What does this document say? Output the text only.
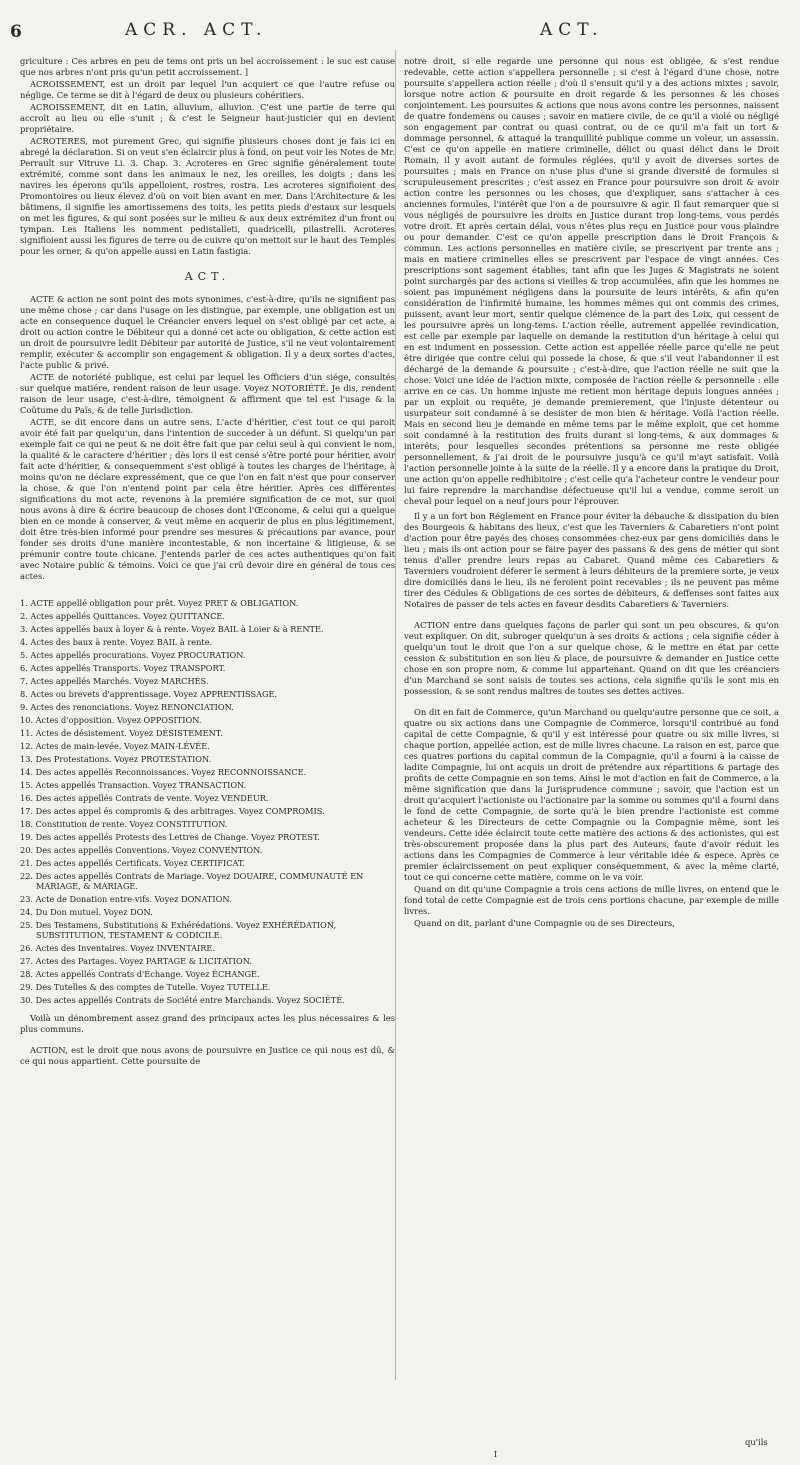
6	ACR. ACT.	ACT.

griculture : Ces arbres en peu de tems ont pris un bel accroissement : le suc est cause que nos arbres n'ont pris qu'un petit accroissement. ]

ACROISSEMENT, est un droit par lequel l'un acquiert ce que l'autre refuse ou néglige. Ce terme se dit à l'égard de deux ou plusieurs cohéritiers.

ACROISSEMENT, dit en Latin, alluvium, alluvion. C'est une partie de terre qui accroît au lieu ou elle s'unit ; & c'est le Seigneur haut-justicier qui en devient propriétaire.

ACROTERES, mot purement Grec, qui signifie plusieurs choses dont je fais ici en abregé la déclaration. Si on veut s'en éclaircir plus à fond, on peut voir les Notes de Mr. Perrault sur Vitruve Li. 3. Chap. 3. Acroteres en Grec signifie généralement toute extrémité, comme sont dans les animaux le nez, les oreilles, les doigts ; dans les navires les éperons qu'ils appelloient, rostres, rostra. Les acroteres signifioient des Promontoires ou lieux élevez d'où on voit bien avant en mer. Dans l'Architecture & les bâtimens, il signifie les amortissemens des toits, les petits pieds d'estaux sur lesquels on met les figures, & qui sont posées sur le milieu & aux deux extrémitez d'un front ou tympan. Les Italiens les nomment pedistalleti, quadricelli, pilastrelli. Acroteres signifioient aussi les figures de terre ou de cuivre qu'on mettoit sur le haut des Temples pour les orner, & qu'on appelle aussi en Latin fastigia.

ACT.

ACTE & action ne sont point des mots synonimes, c'est-à-dire, qu'ils ne signifient pas une même chose ; car dans l'usage on les distingue, par exemple, une obligation est un acte en consequence duquel le Créancier envers lequel on s'est obligé par cet acte, a droit ou action contre le Débiteur qui a donné cet acte ou obligation, & cette action est un droit de poursuivre ledit Débiteur par autorité de Justice, s'il ne veut volontairement remplir, exécuter & accomplir son engagement & obligation. Il y a deux sortes d'actes, l'acte public & privé.

ACTE de notoriété publique, est celui par lequel les Officiers d'un siége, consultés sur quelque matiére, rendent raison de leur usage. Voyez NOTORIÉTÉ. Je dis, rendent raison de leur usage, c'est-à-dire, témoignent & affirment que tel est l'usage & la Coûtume du Païs, & de telle Jurisdiction.

ACTE, se dit encore dans un autre sens. L'acte d'héritier, c'est tout ce qui paroit avoir été fait par quelqu'un, dans l'intention de succeder à un défunt. Si quelqu'un par exemple fait ce qui ne peut & ne doit être fait que par celui seul à qui convient le nom, la qualité & le caractere d'héritier ; dès lors il est censé s'être porté pour héritier, avoir fait acte d'héritier, & consequemment s'est obligé à toutes les charges de l'héritage, à moins qu'on ne déclare expressément, que ce que l'on en fait n'est que pour conserver la chose, & que l'on n'entend point par cela être héritier. Après ces différentes significations du mot acte, revenons à la premiére signification de ce mot, sur quoi nous avons à dire & écrire beaucoup de choses dont l'Œconome, & celui qui a quelque bien en ce monde à conserver, & veut même en acquerir de plus en plus légitimement, doit être très-bien informé pour prendre ses mesures & précautions par avance, pour fonder ses droits d'une manière incontestable, & non incertaine & litigieuse, & se prémunir contre toute chicane. J'entends parler de ces actes authentiques qu'on fait avec Notaire public & témoins. Voici ce que j'ai crû devoir dire en général de tous ces actes.

1. ACTE appellé obligation pour prêt. Voyez PRET & OBLIGATION.
2. Actes appellés Quittances. Voyez QUITTANCE.
3. Actes appellés baux à loyer & à rente. Voyez BAIL à Loier & à RENTE.
4. Actes des baux à rente. Voyez BAIL à rente.
5. Actes appellés procurations. Voyez PROCURATION.
6. Actes appellés Transports. Voyez TRANSPORT.
7. Actes appellés Marchés. Voyez MARCHÉS.
8. Actes ou brevets d'apprentissage. Voyez APPRENTISSAGE.
9. Actes des renonciations. Voyez RENONCIATION.
10. Actes d'opposition. Voyez OPPOSITION.
11. Actes de désistement. Voyez DÉSISTEMENT.
12. Actes de main-levée. Voyez MAIN-LÉVÉE.
13. Des Protestations. Voyez PROTESTATION.
14. Des actes appellés Reconnoissances. Voyez RECONNOISSANCE.
15. Actes appellés Transaction. Voyez TRANSACTION.
16. Des actes appellés Contrats de vente. Voyez VENDEUR.
17. Des actes appel és compromis & des arbitrages. Voyez COMPROMIS.
18. Constitution de rente. Voyez CONSTITUTION.
19. Des actes appellés Protests des Lettres de Change. Voyez PROTEST.
20. Des actes appellés Conventions. Voyez CONVENTION.
21. Des actes appellés Certificats. Voyez CERTIFICAT.
22. Des actes appellés Contrats de Mariage. Voyez DOUAIRE, COMMUNAUTÉ EN MARIAGE, & MARIAGE.
23. Acte de Donation entre-vifs. Voyez DONATION.
24. Du Don mutuel. Voyez DON.
25. Des Testamens, Substitutions & Exhérédations. Voyez EXHÉRÉDATION, SUBSTITUTION, TESTAMENT & CODICILE.
26. Actes des Inventaires. Voyez INVENTAIRE.
27. Actes des Partages. Voyez PARTAGE & LICITATION.
28. Actes appellés Contrats d'Échange. Voyez ÉCHANGE.
29. Des Tutelles & des comptes de Tutelle. Voyez TUTELLE.
30. Des actes appellés Contrats de Société entre Marchands. Voyez SOCIÉTÉ.

Voilà un dénombrement assez grand des principaux actes les plus nécessaires & les plus communs.

ACTION, est le droit que nous avons de poursuivre en Justice ce qui nous est dû, & ce qui nous appartient. Cette poursuite de

notre droit, si elle regarde une personne qui nous est obligée, & s'est rendue redevable, cette action s'appellera personnelle ; si c'est à l'égard d'une chose, notre poursuite s'appellera action réelle ; d'où il s'ensuit qu'il y a des actions mixtes ; savoir, lorsque notre action & poursuite en droit regarde & les personnes & les choses conjointement. Les poursuites & actions que nous avons contre les personnes, naissent de quatre fondemens ou causes ; savoir en matiere civile, de ce qu'il a violé ou négligé son engagement par contrat ou quasi contrat, ou de ce qu'il m'a fait un tort & dommage personnel, & attaqué la tranquillité publique comme un voleur, un assassin. C'est ce qu'on appelle en matiere criminelle, délict ou quasi délict dans le Droit Romain, il y avoit autant de formules réglées, qu'il y avoit de diverses sortes de poursuites ; mais en France on n'use plus d'une si grande diversité de formules si scrupuleusement prescrites ; c'est assez en France pour poursuivre son droit & avoir action contre les personnes ou les choses, que d'expliquer, sans s'attacher à ces anciennes formules, l'intérêt que l'on a de poursuivre & agir. Il faut remarquer que si vous négligés de poursuivre les droits en Justice durant trop long-tems, vous perdés votre droit. Et après certain délai, vous n'êtes plus reçu en Justice pour vous plaindre ou pour demander. C'est ce qu'on appelle prescription dans le Droit François & commun. Les actions personnelles en matière civile, se prescrivent par trente ans ; mais en matiere criminelles elles se prescrivent par l'espace de vingt années. Ces prescriptions sont sagement établies, tant afin que les Juges & Magistrats ne soient point surchargés par des actions si vieilles & trop accumulées, afin que les hommes ne soient pas impunément négligens dans la poursuite de leurs intérêts, & afin qu'en considération de l'infirmité humaine, les hommes mêmes qui ont commis des crimes, puissent, avant leur mort, sentir quelque clémence de la part des Loix, qui cessent de les poursuivre après un long-tems. L'action réelle, autrement appellée revindication, est celle par exemple par laquelle on demande la restitution d'un héritage à celui qui en est indument en possession. Cette action est appellée réelle parce qu'elle ne peut être dirigée que contre celui qui possede la chose, & que s'il veut l'abandonner il est déchargé de la demande & poursuite ; c'est-à-dire, que l'action réelle ne suit que la chose. Voici une idée de l'action mixte, composée de l'action réelle & personnelle : elle arrive en ce cas. Un homme injuste me retient mon héritage depuis longues années ; par un exploit ou requête, je demande premierement, que l'injuste détenteur ou usurpateur soit condamné à se desister de mon bien & héritage. Voilà l'action réelle. Mais en second lieu je demande en même tems par le même exploit, que cet homme soit condamné à la restitution des fruits durant si long-tems, & aux dommages & interêts, pour lesquelles secondes prétentions sa personne me reste obligée personnellement, & j'ai droit de le poursuivre jusqu'à ce qu'il m'ayt satisfait. Voilà l'action personnelle jointe à la suite de la réelle. Il y a encore dans la pratique du Droit, une action qu'on appelle redhibitoire ; c'est celle qu'a l'acheteur contre le vendeur pour lui faire reprendre la marchandise défectueuse qu'il lui a vendue, comme seroit un cheval pour lequel on a neuf jours pour l'éprouver.

Il y a un fort bon Réglement en France pour éviter la débauche & dissipation du bien des Bourgeois & habitans des lieux, c'est que les Taverniers & Cabaretiers n'ont point d'action pour être payés des choses consommées chez-eux par gens domiciliés dans le lieu ; mais ils ont action pour se faire payer des passans & des gens de métier qui sont tenus d'aller prendre leurs repas au Cabaret. Quand même ces Cabaretiers & Taverniers voudroient déferer le serment à leurs débiteurs de la premiere sorte, je veux dire domiciliés dans le lieu, ils ne feroient point recevables ; ils ne peuvent pas même tirer des Cédules & Obligations de ces sortes de débiteurs, & deffenses sont faites aux Notaires de passer de tels actes en faveur desdits Cabaretiers & Taverniers.

ACTION entre dans quelques façons de parler qui sont un peu obscures, & qu'on veut expliquer. On dit, subroger quelqu'un à ses droits & actions ; cela signifie céder à quelqu'un tout le droit que l'on a sur quelque chose, & le mettre en état par cette cession & substitution en son lieu & place, de poursuivre & demander en Justice cette chose en son propre nom, & comme lui appartenant. Quand on dit que les créanciers d'un Marchand se sont saisis de toutes ses actions, cela signifie qu'ils le sont mis en possession, & se sont rendus maîtres de toutes ses dettes actives.

On dit en fait de Commerce, qu'un Marchand ou quelqu'autre personne que ce soit, a quatre ou six actions dans une Compagnie de Commerce, lorsqu'il contribué au fond capital de cette Compagnie, & qu'il y est intéressé pour quatre ou six mille livres, si chaque portion, appellée action, est de mille livres chacune. La raison en est, parce que ces quatres portions du capital commun de la Compagnie, qu'il a fourni à la caisse de ladite Compagnie, lui ont acquis un droit de prétendre aux répartitions & partage des profits de cette Compagnie en son tems. Ainsi le mot d'action en fait de Commerce, a la même signification que dans la Jurisprudence commune ; savoir, que l'action est un droit qu'acquiert l'actioniste ou l'actionaire par la somme ou sommes qu'il a fourni dans le fond de cette Compagnie, de sorte qu'à le bien prendre l'actioniste est comme acheteur & les Directeurs de cette Compagnie ou la Compagnie même, sont les vendeurs. Cette idée éclaircit toute cette matière des actions & des actionistes, qui est très-obscurement proposée dans la plus part des Auteurs, faute d'avoir réduit les actions dans les Compagnies de Commerce à leur véritable idée & espece. Après ce premier éclaircissement on peut expliquer conséquemment, & avec la même clarté, tout ce qui concerne cette matière, comme on le va voir.

Quand on dit qu'une Compagnie a trois cens actions de mille livres, on entend que le fond total de cette Compagnie est de trois cens portions chacune, par exemple de mille livres.

Quand on dit, parlant d'une Compagnie ou de ses Directeurs,

qu'ils
I
